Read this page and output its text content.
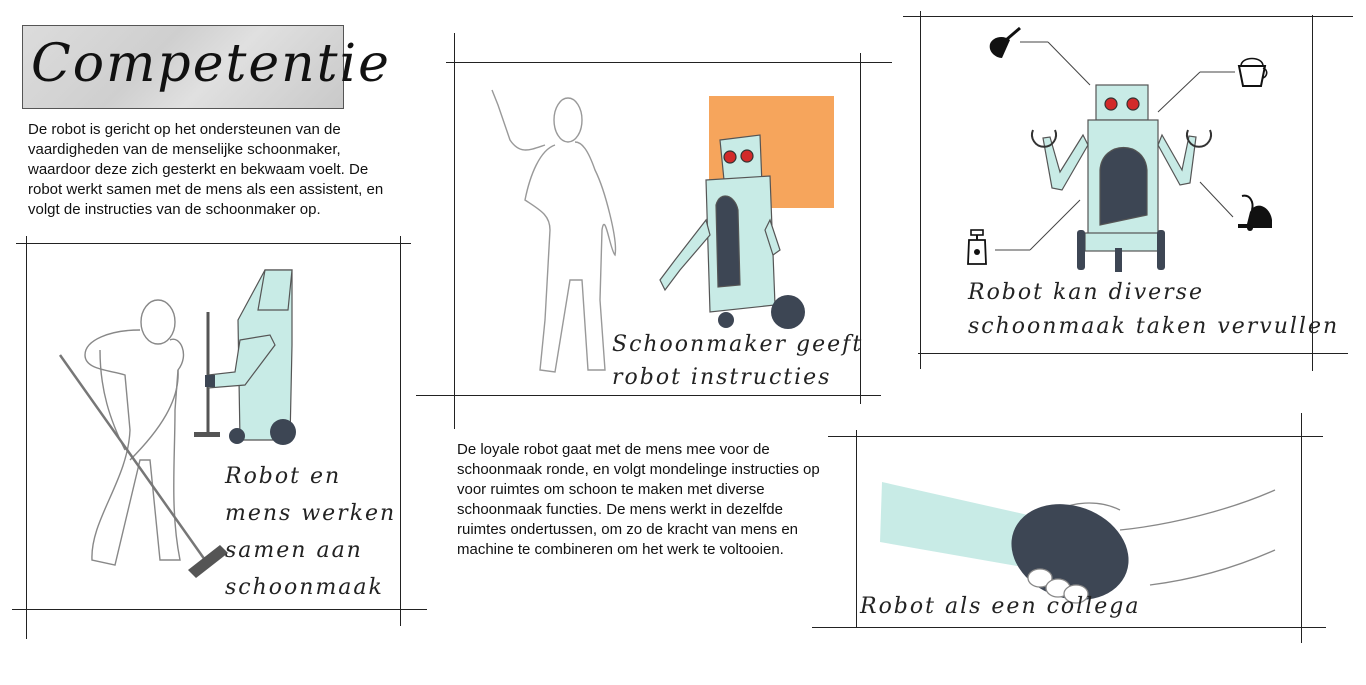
Competentie
De robot is gericht op het ondersteunen van de vaardigheden van de menselijke schoonmaker, waardoor deze zich gesterkt en bekwaam voelt. De robot werkt samen met de mens als een assistent, en volgt de instructies van de schoonmaker op.
Robot en
mens werken
samen aan
schoonmaak
Schoonmaker geeft
robot instructies
Robot kan diverse
schoonmaak taken vervullen
De loyale robot gaat met de mens mee voor de schoonmaak ronde, en volgt mondelinge instructies op voor ruimtes om schoon te maken met diverse schoonmaak functies. De mens werkt in dezelfde ruimtes ondertussen, om zo de kracht van mens en machine te combineren om het werk te voltooien.
Robot als een collega
